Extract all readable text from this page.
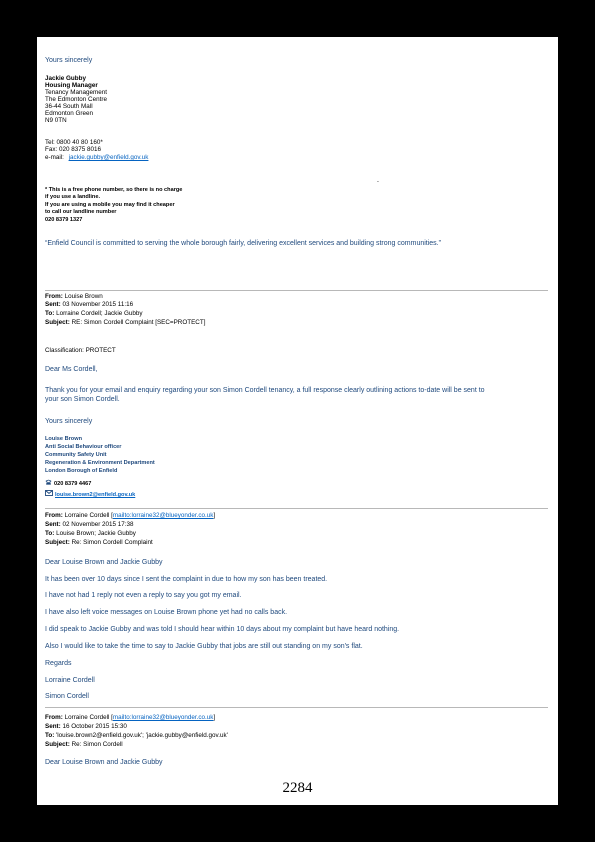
Yours sincerely
Jackie Gubby
Housing Manager
Tenancy Management
The Edmonton Centre
36-44 South Mall
Edmonton Green
N9 0TN
Tel: 0800 40 80 160*
Fax: 020 8375 8016
e-mail: jackie.gubby@enfield.gov.uk
-
* This is a free phone number, so there is no charge
if you use a landline.
If you are using a mobile you may find it cheaper
to call our landline number
020 8379 1327
“Enfield Council is committed to serving the whole borough fairly, delivering excellent services and building strong communities.”
From: Louise Brown
Sent: 03 November 2015 11:16
To: Lorraine Cordell; Jackie Gubby
Subject: RE: Simon Cordell Complaint [SEC=PROTECT]
Classification: PROTECT
Dear Ms Cordell,
Thank you for your email and enquiry regarding your son Simon Cordell tenancy, a full response clearly outlining actions to-date will be sent to
your son Simon Cordell.
Yours sincerely
Louise Brown
Anti Social Behaviour officer
Community Safety Unit
Regeneration & Environment Department
London Borough of Enfield
020 8379 4467
louise.brown2@enfield.gov.uk
From: Lorraine Cordell [mailto:lorraine32@blueyonder.co.uk]
Sent: 02 November 2015 17:38
To: Louise Brown; Jackie Gubby
Subject: Re: Simon Cordell Complaint
Dear Louise Brown and Jackie Gubby
It has been over 10 days since I sent the complaint in due to how my son has been treated.
I have not had 1 reply not even a reply to say you got my email.
I have also left voice messages on Louise Brown phone yet had no calls back.
I did speak to Jackie Gubby and was told I should hear within 10 days about my complaint but have heard nothing.
Also I would like to take the time to say to Jackie Gubby that jobs are still out standing on my son's flat.
Regards
Lorraine Cordell
Simon Cordell
From: Lorraine Cordell [mailto:lorraine32@blueyonder.co.uk]
Sent: 16 October 2015 15:30
To: 'louise.brown2@enfield.gov.uk'; 'jackie.gubby@enfield.gov.uk'
Subject: Re: Simon Cordell
Dear Louise Brown and Jackie Gubby
2284
